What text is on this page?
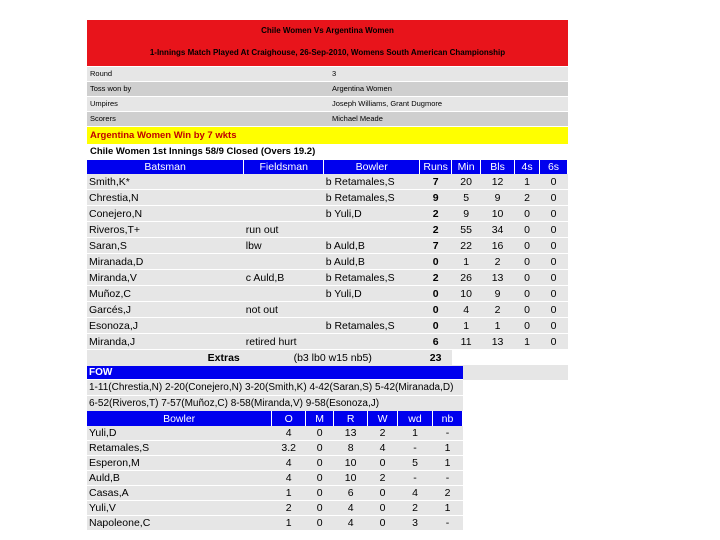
Chile Women Vs Argentina Women
1-Innings Match Played At Craighouse, 26-Sep-2010, Womens South American Championship
Round	3
Toss won by	Argentina Women
Umpires	Joseph Williams, Grant Dugmore
Scorers	Michael Meade
Argentina Women Win by 7 wkts
Chile Women 1st Innings 58/9 Closed (Overs 19.2)
Batsman	Fieldsman	Bowler	Runs	Min	Bls	4s	6s
Smith,K*		b Retamales,S	7	20	12	1	0
Chrestia,N		b Retamales,S	9	5	9	2	0
Conejero,N		b Yuli,D	2	9	10	0	0
Riveros,T+	run out		2	55	34	0	0
Saran,S	lbw	b Auld,B	7	22	16	0	0
Miranada,D		b Auld,B	0	1	2	0	0
Miranda,V	c Auld,B	b Retamales,S	2	26	13	0	0
Muñoz,C		b Yuli,D	0	10	9	0	0
Garcés,J	not out		0	4	2	0	0
Esonoza,J		b Retamales,S	0	1	1	0	0
Miranda,J	retired hurt		6	11	13	1	0
Extras	(b3 lb0 w15 nb5)		23				

FOW
1-11(Chrestia,N) 2-20(Conejero,N) 3-20(Smith,K) 4-42(Saran,S) 5-42(Miranada,D)
6-52(Riveros,T) 7-57(Muñoz,C) 8-58(Miranda,V) 9-58(Esonoza,J)
Bowler	O	M	R	W	wd	nb
Yuli,D	4	0	13	2	1	-
Retamales,S	3.2	0	8	4	-	1
Esperon,M	4	0	10	0	5	1
Auld,B	4	0	10	2	-	-
Casas,A	1	0	6	0	4	2
Yuli,V	2	0	4	0	2	1
Napoleone,C	1	0	4	0	3	-
